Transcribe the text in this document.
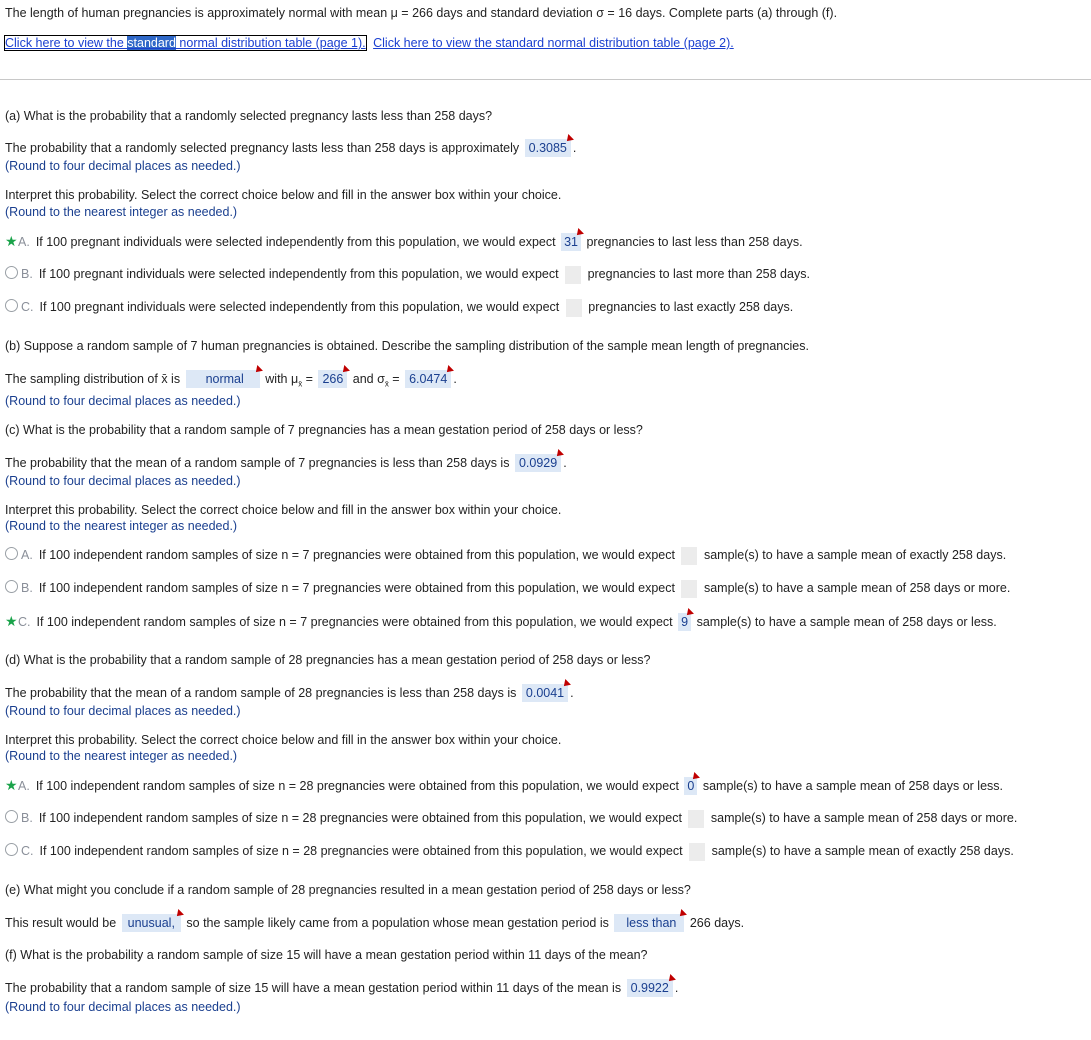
The length of human pregnancies is approximately normal with mean μ = 266 days and standard deviation σ = 16 days. Complete parts (a) through (f).
Click here to view the standard normal distribution table (page 1). Click here to view the standard normal distribution table (page 2).
(a) What is the probability that a randomly selected pregnancy lasts less than 258 days?
The probability that a randomly selected pregnancy lasts less than 258 days is approximately 0.3085 .
(Round to four decimal places as needed.)
Interpret this probability. Select the correct choice below and fill in the answer box within your choice.
(Round to the nearest integer as needed.)
★A. If 100 pregnant individuals were selected independently from this population, we would expect 31 pregnancies to last less than 258 days.
B. If 100 pregnant individuals were selected independently from this population, we would expect pregnancies to last more than 258 days.
C. If 100 pregnant individuals were selected independently from this population, we would expect pregnancies to last exactly 258 days.
(b) Suppose a random sample of 7 human pregnancies is obtained. Describe the sampling distribution of the sample mean length of pregnancies.
The sampling distribution of x̄ is normal with $\mu_{x̄} = 266$ and $\sigma_{x̄} = 6.0474$ .
(Round to four decimal places as needed.)
(c) What is the probability that a random sample of 7 pregnancies has a mean gestation period of 258 days or less?
The probability that the mean of a random sample of 7 pregnancies is less than 258 days is 0.0929 .
(Round to four decimal places as needed.)
Interpret this probability. Select the correct choice below and fill in the answer box within your choice.
(Round to the nearest integer as needed.)
A. If 100 independent random samples of size n = 7 pregnancies were obtained from this population, we would expect sample(s) to have a sample mean of exactly 258 days.
B. If 100 independent random samples of size n = 7 pregnancies were obtained from this population, we would expect sample(s) to have a sample mean of 258 days or more.
★C. If 100 independent random samples of size n = 7 pregnancies were obtained from this population, we would expect 9 sample(s) to have a sample mean of 258 days or less.
(d) What is the probability that a random sample of 28 pregnancies has a mean gestation period of 258 days or less?
The probability that the mean of a random sample of 28 pregnancies is less than 258 days is 0.0041 .
(Round to four decimal places as needed.)
Interpret this probability. Select the correct choice below and fill in the answer box within your choice.
(Round to the nearest integer as needed.)
★A. If 100 independent random samples of size n = 28 pregnancies were obtained from this population, we would expect 0 sample(s) to have a sample mean of 258 days or less.
B. If 100 independent random samples of size n = 28 pregnancies were obtained from this population, we would expect sample(s) to have a sample mean of 258 days or more.
C. If 100 independent random samples of size n = 28 pregnancies were obtained from this population, we would expect sample(s) to have a sample mean of exactly 258 days.
(e) What might you conclude if a random sample of 28 pregnancies resulted in a mean gestation period of 258 days or less?
This result would be unusual, so the sample likely came from a population whose mean gestation period is less than 266 days.
(f) What is the probability a random sample of size 15 will have a mean gestation period within 11 days of the mean?
The probability that a random sample of size 15 will have a mean gestation period within 11 days of the mean is 0.9922 .
(Round to four decimal places as needed.)
